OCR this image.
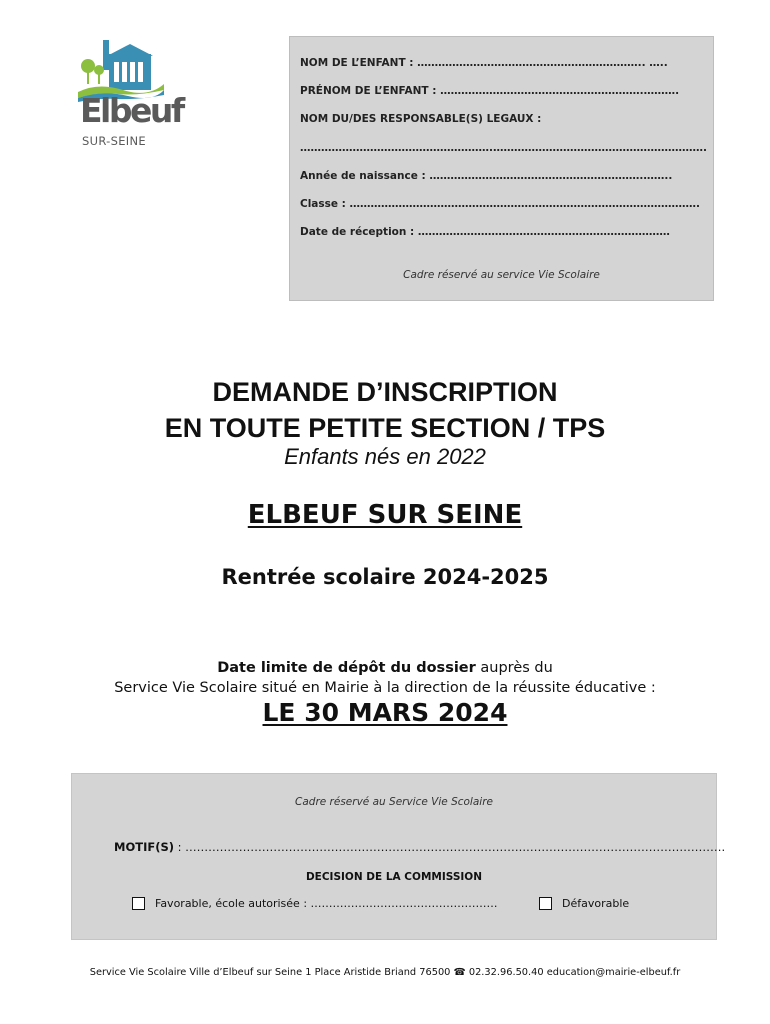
Elbeuf
SUR-SEINE
NOM DE L’ENFANT : ……………………………………………………….. …..
PRÉNOM DE L’ENFANT : ………………………………………………….……….
NOM DU/DES RESPONSABLE(S) LEGAUX :
……………………………………………….…………………………………………………….
Année de naissance : …………………………………………………….……..
Classe : ……………………………………………………………………………………….
Date de réception : ………………………………………………………………
Cadre réservé au service Vie Scolaire
DEMANDE D’INSCRIPTION
EN TOUTE PETITE SECTION / TPS
Enfants nés en 2022
ELBEUF SUR SEINE
Rentrée scolaire 2024-2025
Date limite de dépôt du dossier auprès du
Service Vie Scolaire situé en Mairie à la direction de la réussite éducative :
LE 30 MARS 2024
Cadre réservé au Service Vie Scolaire
MOTIF(S) : ……………………………………………………………………………..…………………………………………….
DECISION DE LA COMMISSION
Favorable, école autorisée : ……………………………………………	Défavorable
Service Vie Scolaire Ville d’Elbeuf sur Seine 1 Place Aristide Briand 76500 ☎ 02.32.96.50.40 education@mairie-elbeuf.fr
